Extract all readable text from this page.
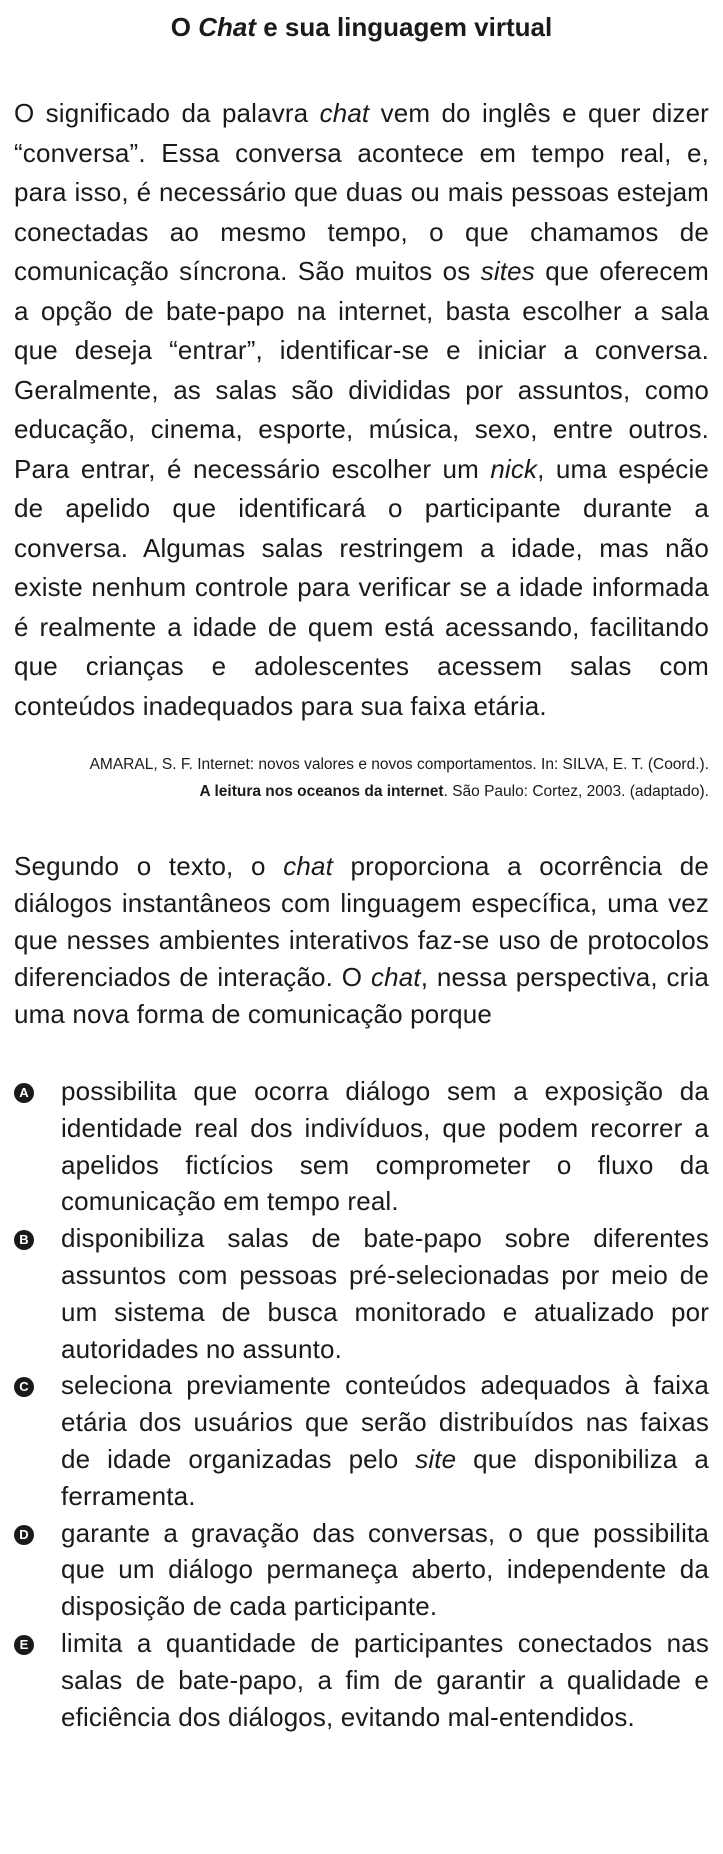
O Chat e sua linguagem virtual

O significado da palavra chat vem do inglês e quer dizer “conversa”. Essa conversa acontece em tempo real, e, para isso, é necessário que duas ou mais pessoas estejam conectadas ao mesmo tempo, o que chamamos de comunicação síncrona. São muitos os sites que oferecem a opção de bate-papo na internet, basta escolher a sala que deseja “entrar”, identificar-se e iniciar a conversa. Geralmente, as salas são divididas por assuntos, como educação, cinema, esporte, música, sexo, entre outros. Para entrar, é necessário escolher um nick, uma espécie de apelido que identificará o participante durante a conversa. Algumas salas restringem a idade, mas não existe nenhum controle para verificar se a idade informada é realmente a idade de quem está acessando, facilitando que crianças e adolescentes acessem salas com conteúdos inadequados para sua faixa etária.

AMARAL, S. F. Internet: novos valores e novos comportamentos. In: SILVA, E. T. (Coord.).
A leitura nos oceanos da internet. São Paulo: Cortez, 2003. (adaptado).
Segundo o texto, o chat proporciona a ocorrência de diálogos instantâneos com linguagem específica, uma vez que nesses ambientes interativos faz-se uso de protocolos diferenciados de interação. O chat, nessa perspectiva, cria uma nova forma de comunicação porque
A possibilita que ocorra diálogo sem a exposição da identidade real dos indivíduos, que podem recorrer a apelidos fictícios sem comprometer o fluxo da comunicação em tempo real.
B disponibiliza salas de bate-papo sobre diferentes assuntos com pessoas pré-selecionadas por meio de um sistema de busca monitorado e atualizado por autoridades no assunto.
C seleciona previamente conteúdos adequados à faixa etária dos usuários que serão distribuídos nas faixas de idade organizadas pelo site que disponibiliza a ferramenta.
D garante a gravação das conversas, o que possibilita que um diálogo permaneça aberto, independente da disposição de cada participante.
E limita a quantidade de participantes conectados nas salas de bate-papo, a fim de garantir a qualidade e eficiência dos diálogos, evitando mal-entendidos.
